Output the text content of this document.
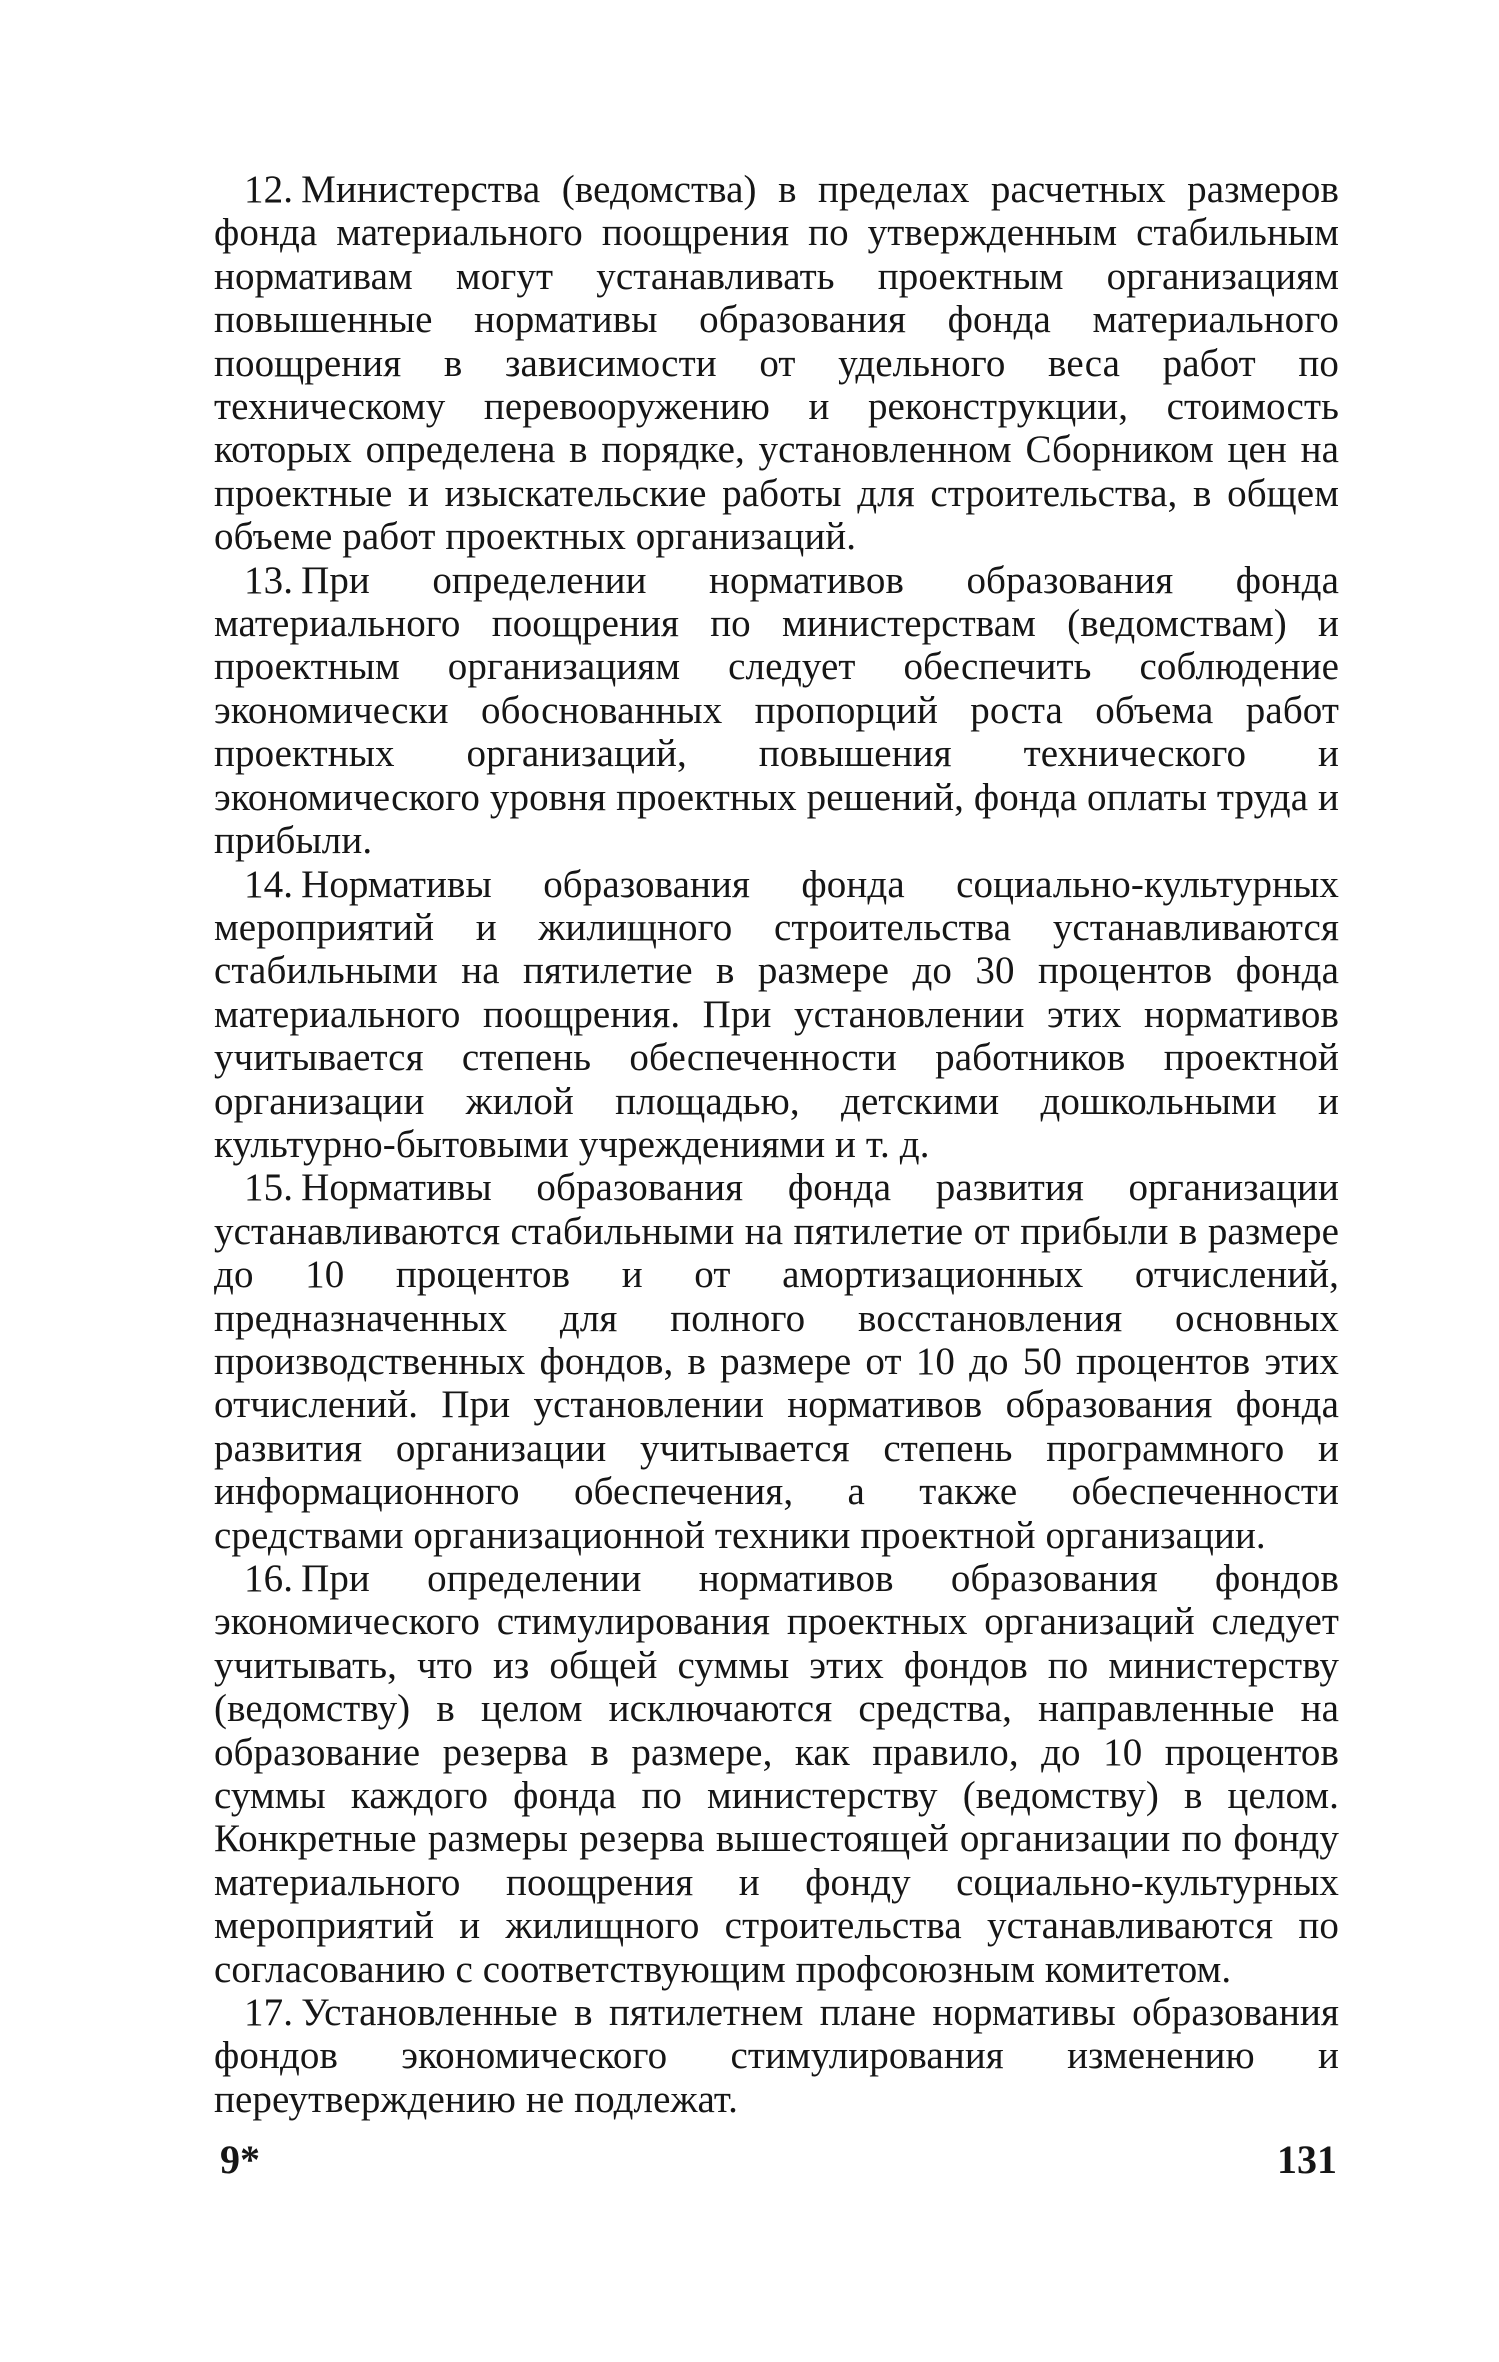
12. Министерства (ведомства) в пределах расчетных размеров фонда материального поощрения по утвержденным стабильным нормативам могут устанавливать проектным организациям повышенные нормативы образования фонда материального поощрения в зависимости от удельного веса работ по техническому перевооружению и реконструкции, стоимость которых определена в порядке, установленном Сборником цен на проектные и изыскательские работы для строительства, в общем объеме работ проектных организаций.

13. При определении нормативов образования фонда материального поощрения по министерствам (ведомствам) и проектным организациям следует обеспечить соблюдение экономически обоснованных пропорций роста объема работ проектных организаций, повышения технического и экономического уровня проектных решений, фонда оплаты труда и прибыли.

14. Нормативы образования фонда социально-культурных мероприятий и жилищного строительства устанавливаются стабильными на пятилетие в размере до 30 процентов фонда материального поощрения. При установлении этих нормативов учитывается степень обеспеченности работников проектной организации жилой площадью, детскими дошкольными и культурно-бытовыми учреждениями и т. д.

15. Нормативы образования фонда развития организации устанавливаются стабильными на пятилетие от прибыли в размере до 10 процентов и от амортизационных отчислений, предназначенных для полного восстановления основных производственных фондов, в размере от 10 до 50 процентов этих отчислений. При установлении нормативов образования фонда развития организации учитывается степень программного и информационного обеспечения, а также обеспеченности средствами организационной техники проектной организации.

16. При определении нормативов образования фондов экономического стимулирования проектных организаций следует учитывать, что из общей суммы этих фондов по министерству (ведомству) в целом исключаются средства, направленные на образование резерва в размере, как правило, до 10 процентов суммы каждого фонда по министерству (ведомству) в целом. Конкретные размеры резерва вышестоящей организации по фонду материального поощрения и фонду социально-культурных мероприятий и жилищного строительства устанавливаются по согласованию с соответствующим профсоюзным комитетом.

17. Установленные в пятилетнем плане нормативы образования фондов экономического стимулирования изменению и переутверждению не подлежат.

9*	131
